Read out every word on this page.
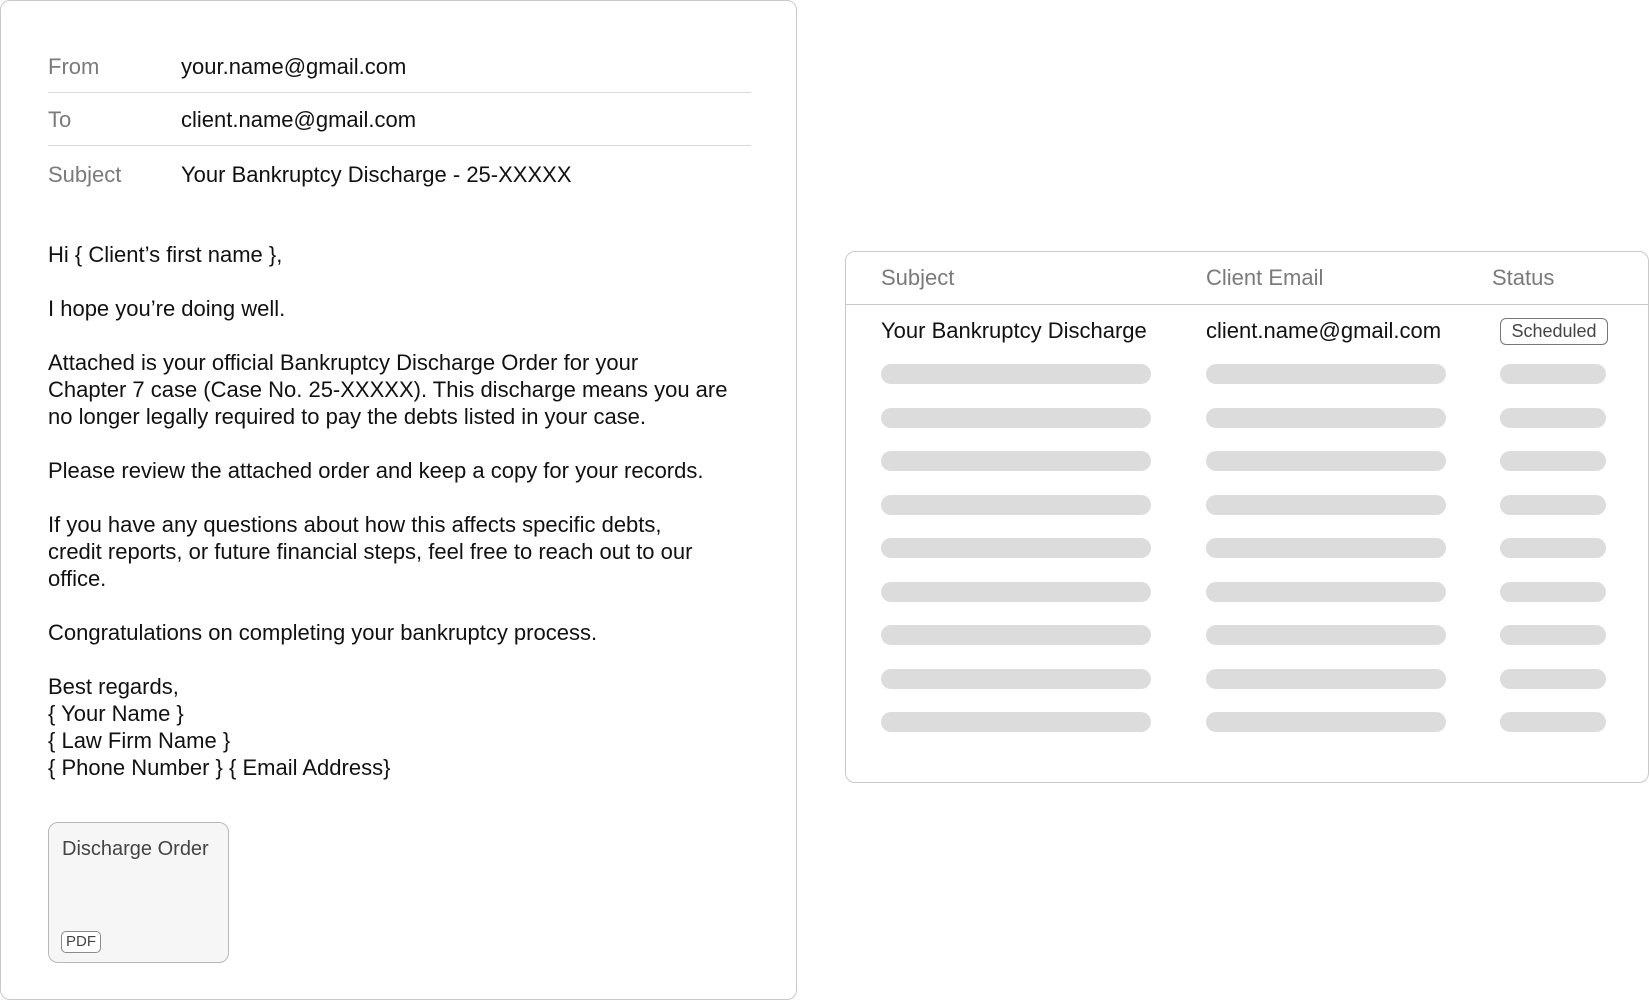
From	your.name@gmail.com
To	client.name@gmail.com
Subject	Your Bankruptcy Discharge - 25-XXXXX
Hi { Client’s first name },
I hope you’re doing well.
Attached is your official Bankruptcy Discharge Order for your
Chapter 7 case (Case No. 25-XXXXX). This discharge means you are
no longer legally required to pay the debts listed in your case.
Please review the attached order and keep a copy for your records.
If you have any questions about how this affects specific debts,
credit reports, or future financial steps, feel free to reach out to our
office.
Congratulations on completing your bankruptcy process.
Best regards,
{ Your Name }
{ Law Firm Name }
{ Phone Number } { Email Address}
Discharge Order
PDF
Subject	Client Email	Status
Your Bankruptcy Discharge	client.name@gmail.com	Scheduled
